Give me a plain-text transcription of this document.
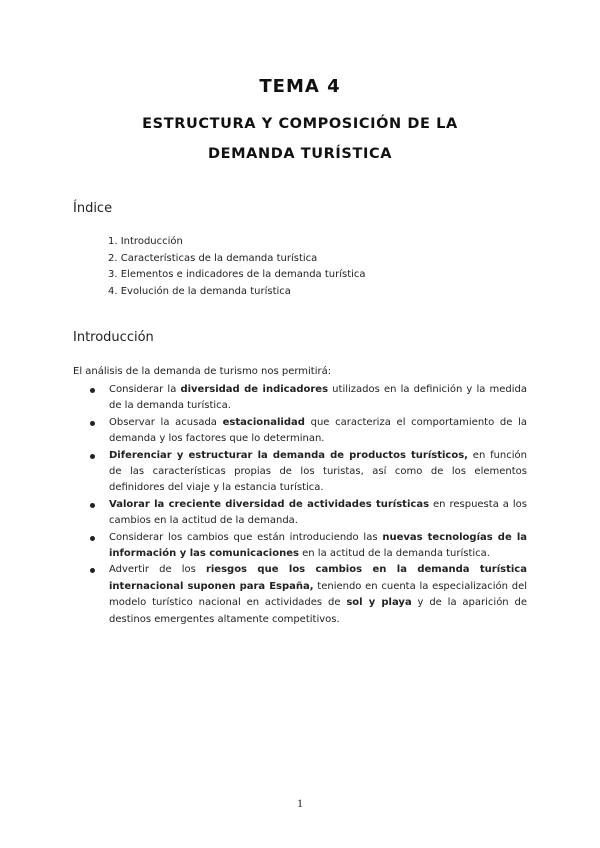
TEMA 4
ESTRUCTURA Y COMPOSICIÓN DE LA
DEMANDA TURÍSTICA
Índice
1. Introducción
2. Características de la demanda turística
3. Elementos e indicadores de la demanda turística
4. Evolución de la demanda turística
Introducción
El análisis de la demanda de turismo nos permitirá:
Considerar la diversidad de indicadores utilizados en la definición y la medida de la demanda turística.
Observar la acusada estacionalidad que caracteriza el comportamiento de la demanda y los factores que lo determinan.
Diferenciar y estructurar la demanda de productos turísticos, en función de las características propias de los turistas, así como de los elementos definidores del viaje y la estancia turística.
Valorar la creciente diversidad de actividades turísticas en respuesta a los cambios en la actitud de la demanda.
Considerar los cambios que están introduciendo las nuevas tecnologías de la información y las comunicaciones en la actitud de la demanda turística.
Advertir de los riesgos que los cambios en la demanda turística internacional suponen para España, teniendo en cuenta la especialización del modelo turístico nacional en actividades de sol y playa y de la aparición de destinos emergentes altamente competitivos.
1
